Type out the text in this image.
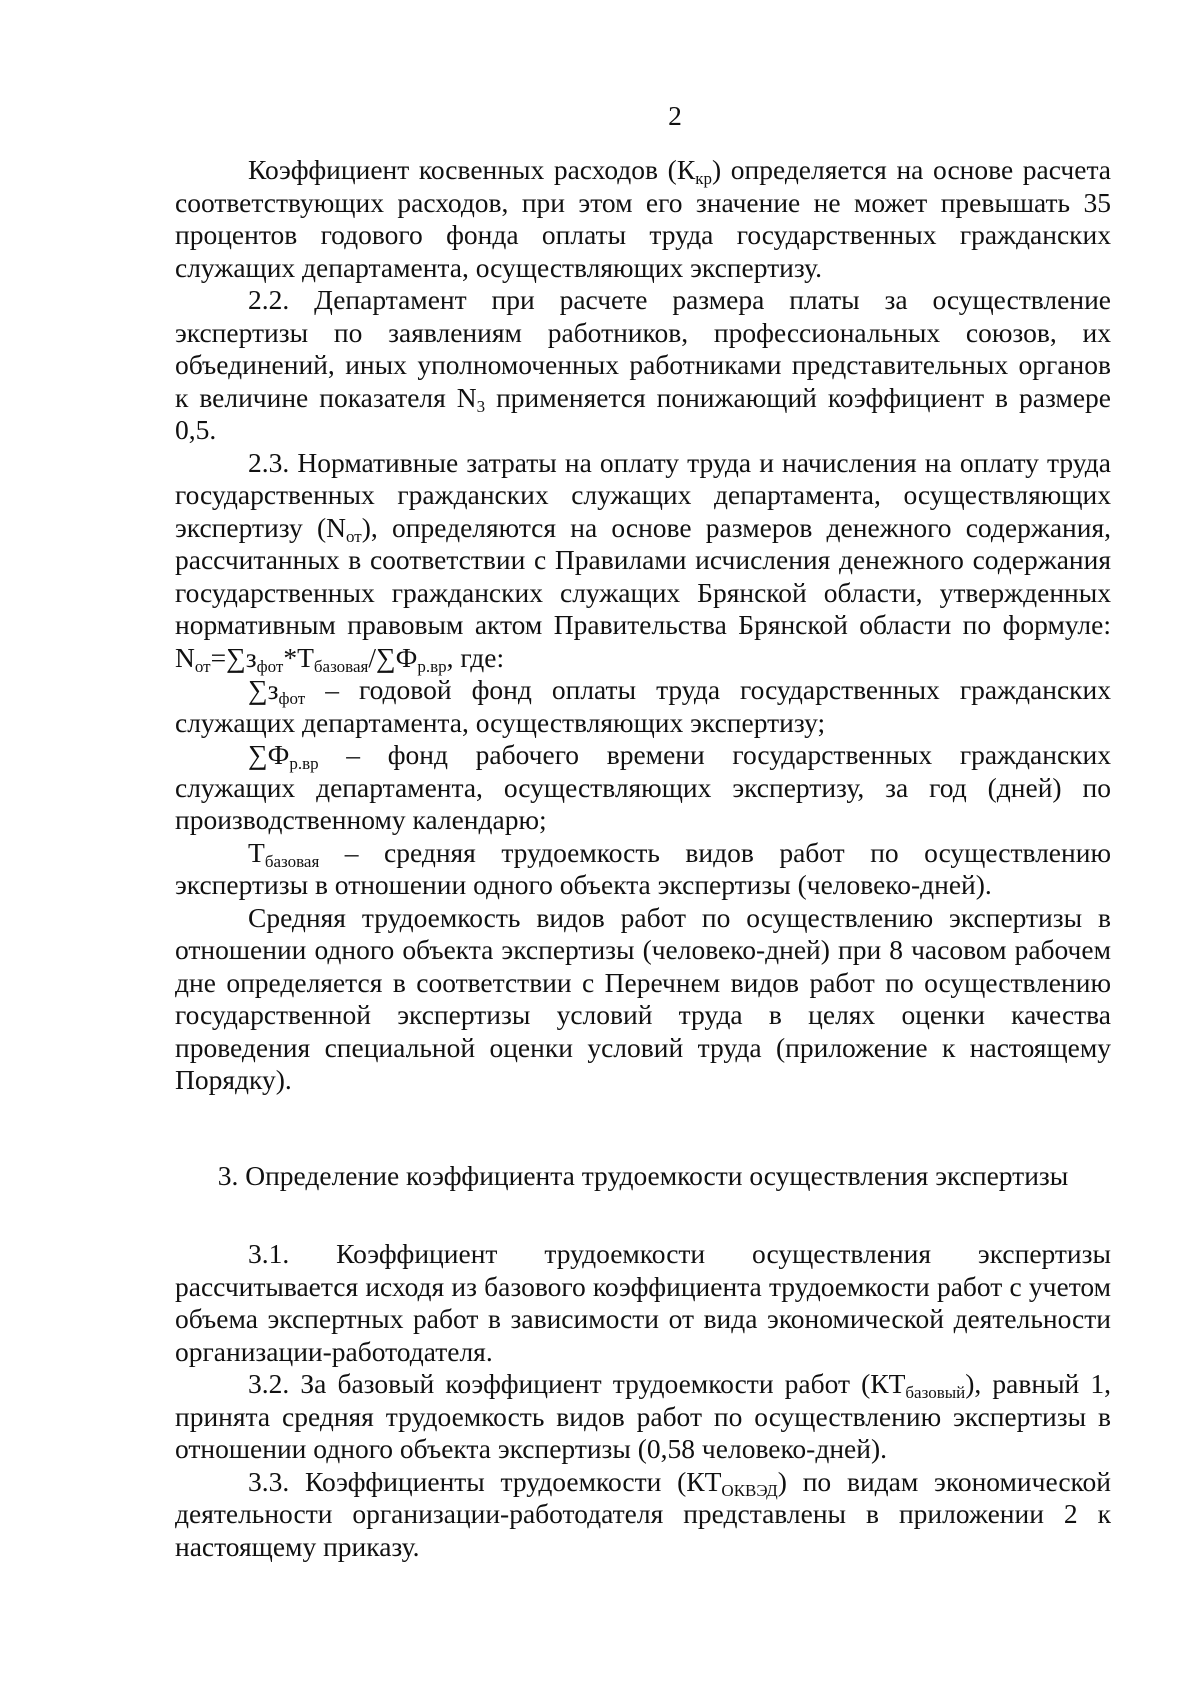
2

Коэффициент косвенных расходов $(К_{кр})$ определяется на основе расчета соответствующих расходов, при этом его значение не может превышать 35 процентов годового фонда оплаты труда государственных гражданских служащих департамента, осуществляющих экспертизу.

2.2. Департамент при расчете размера платы за осуществление экспертизы по заявлениям работников, профессиональных союзов, их объединений, иных уполномоченных работниками представительных органов к величине показателя $N_3$ применяется понижающий коэффициент в размере 0,5.

2.3. Нормативные затраты на оплату труда и начисления на оплату труда государственных гражданских служащих департамента, осуществляющих экспертизу $(N_{от})$, определяются на основе размеров денежного содержания, рассчитанных в соответствии с Правилами исчисления денежного содержания государственных гражданских служащих Брянской области, утвержденных нормативным правовым актом Правительства Брянской области по формуле: $N_{от}=\sum з_{фот}*Т_{базовая}/\sum Ф_{р.вр}$, где:

$\sum з_{фот}$ – годовой фонд оплаты труда государственных гражданских служащих департамента, осуществляющих экспертизу;

$\sum Ф_{р.вр}$ – фонд рабочего времени государственных гражданских служащих департамента, осуществляющих экспертизу, за год (дней) по производственному календарю;

$Т_{базовая}$ – средняя трудоемкость видов работ по осуществлению экспертизы в отношении одного объекта экспертизы (человеко-дней).

Средняя трудоемкость видов работ по осуществлению экспертизы в отношении одного объекта экспертизы (человеко-дней) при 8 часовом рабочем дне определяется в соответствии с Перечнем видов работ по осуществлению государственной экспертизы условий труда в целях оценки качества проведения специальной оценки условий труда (приложение к настоящему Порядку).

3. Определение коэффициента трудоемкости осуществления экспертизы

3.1. Коэффициент трудоемкости осуществления экспертизы рассчитывается исходя из базового коэффициента трудоемкости работ с учетом объема экспертных работ в зависимости от вида экономической деятельности организации-работодателя.

3.2. За базовый коэффициент трудоемкости работ $(КТ_{базовый})$, равный 1, принята средняя трудоемкость видов работ по осуществлению экспертизы в отношении одного объекта экспертизы (0,58 человеко-дней).

3.3. Коэффициенты трудоемкости $(КТ_{ОКВЭД})$ по видам экономической деятельности организации-работодателя представлены в приложении 2 к настоящему приказу.
